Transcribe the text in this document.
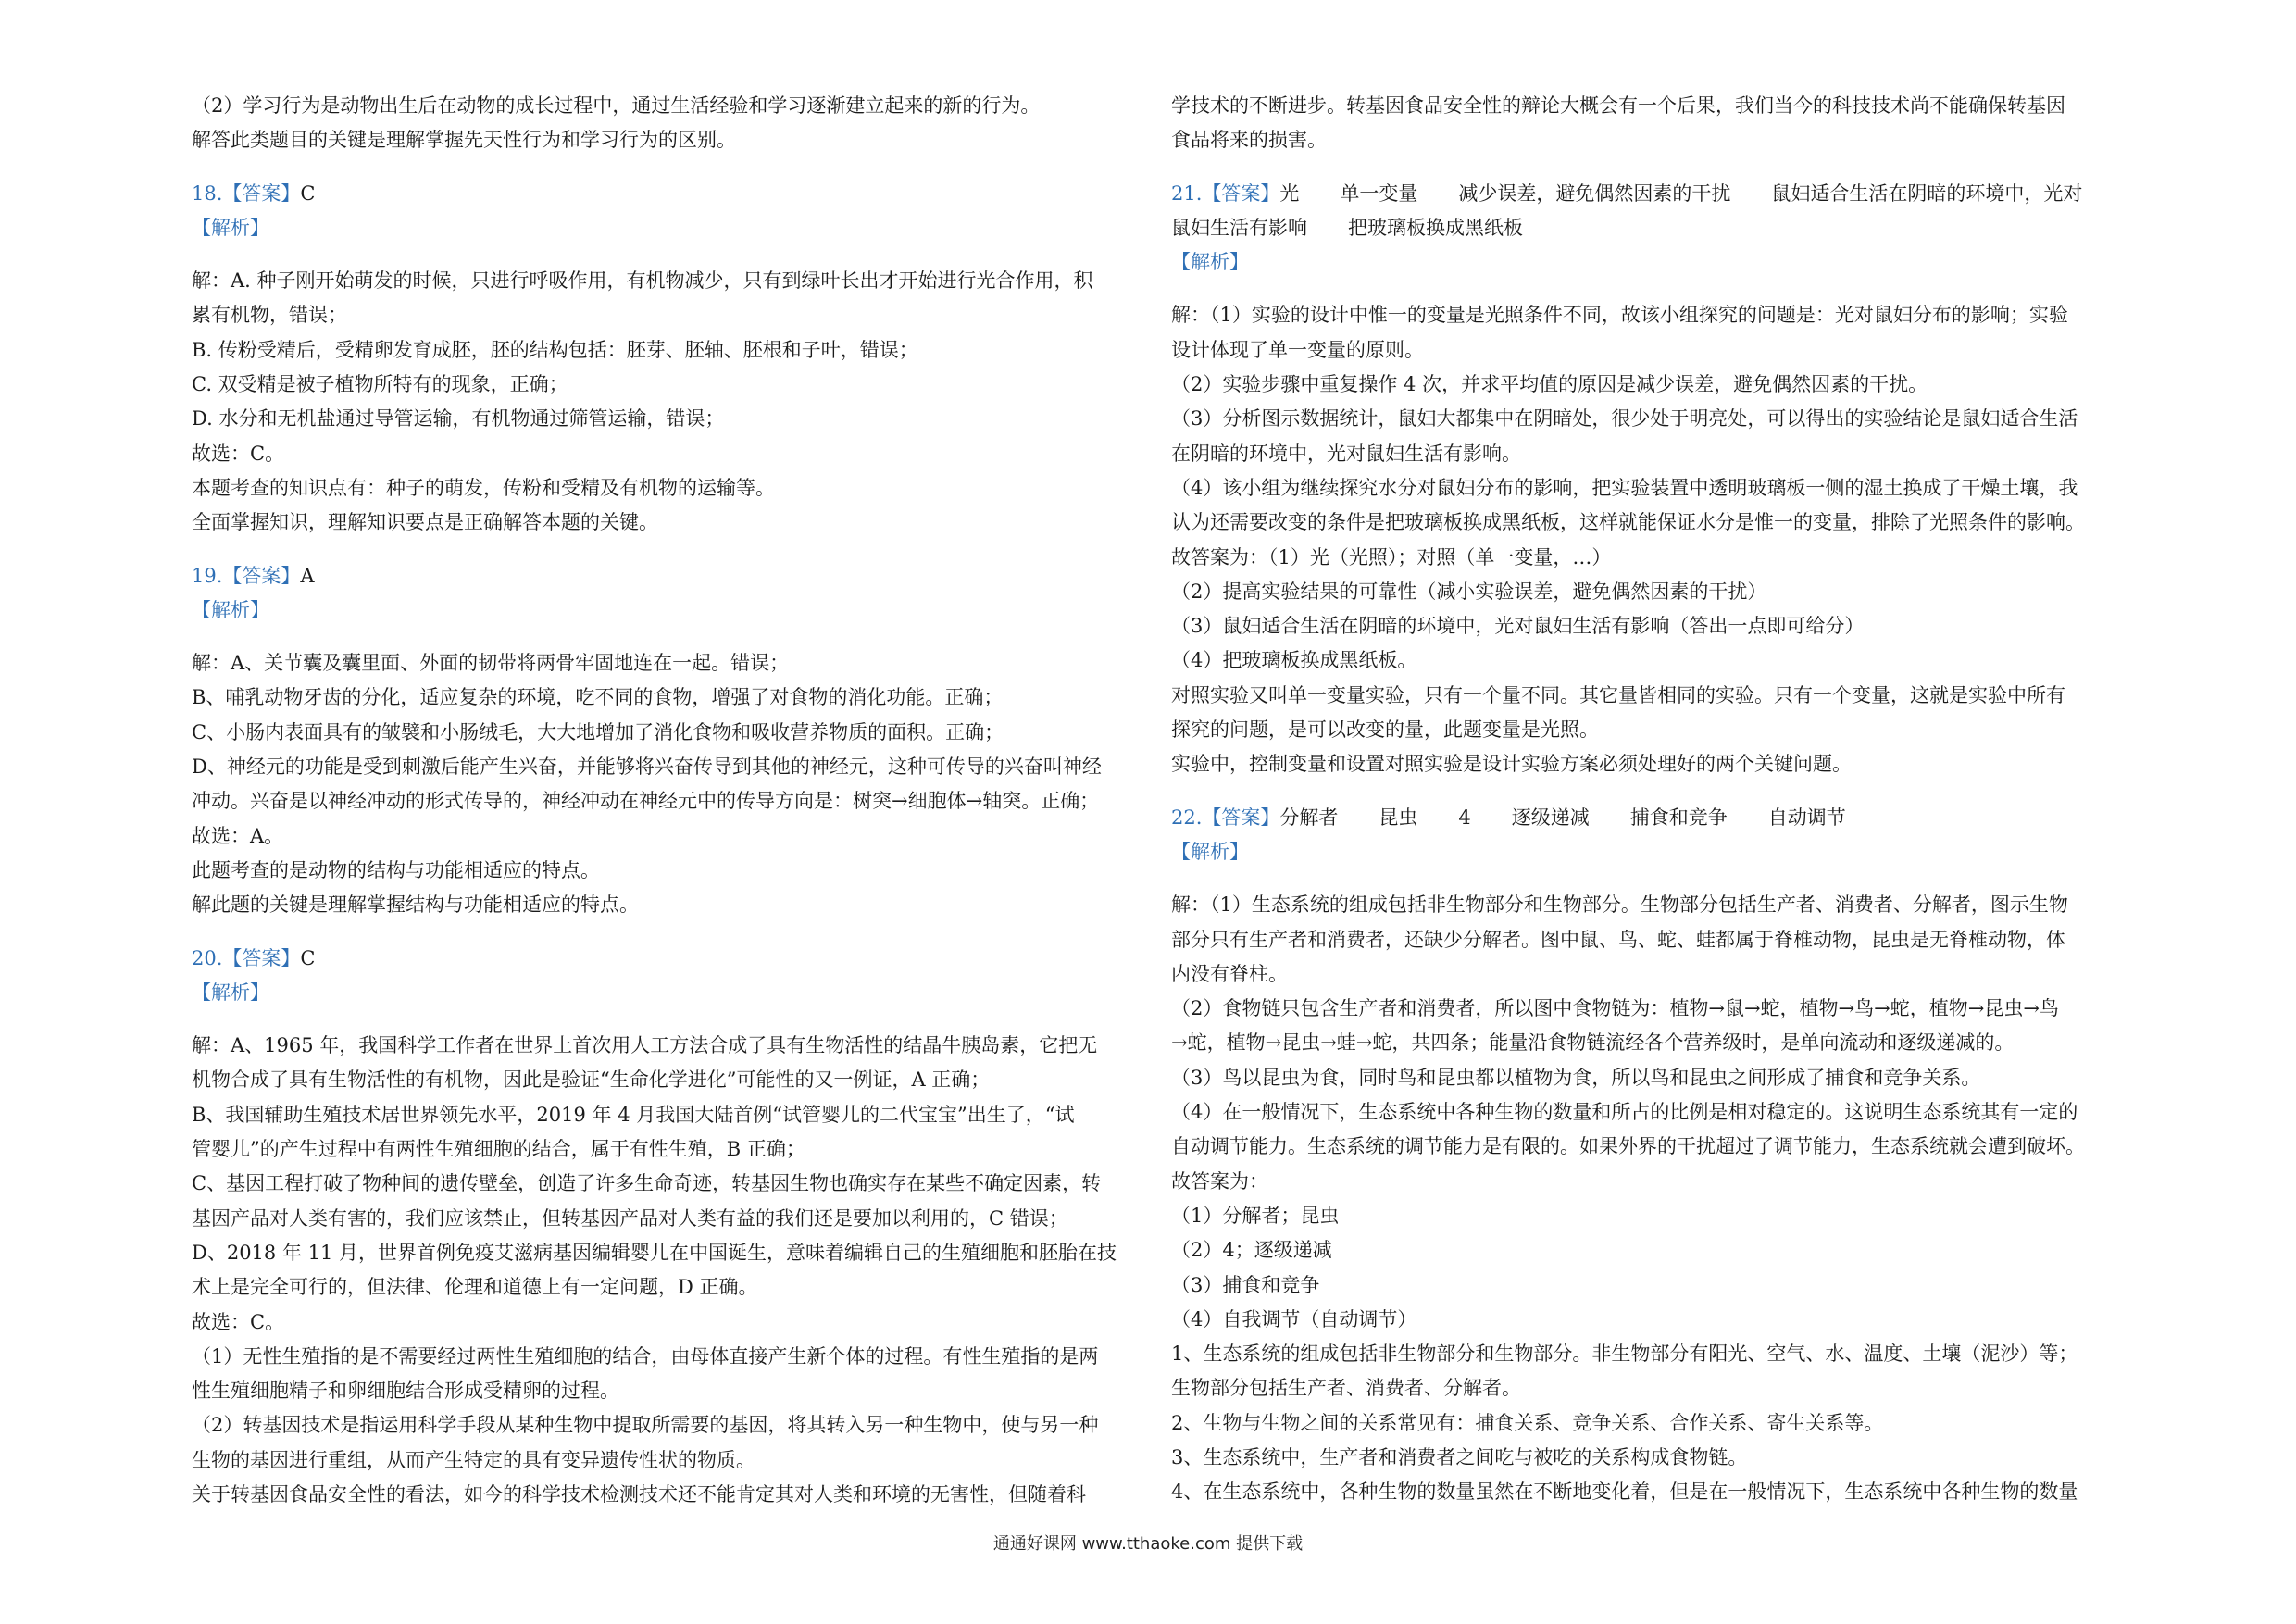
（2）学习行为是动物出生后在动物的成长过程中，通过生活经验和学习逐渐建立起来的新的行为。
解答此类题目的关键是理解掌握先天性行为和学习行为的区别。
18.【答案】C
【解析】
解：A. 种子刚开始萌发的时候，只进行呼吸作用，有机物减少，只有到绿叶长出才开始进行光合作用，积
累有机物，错误；
B. 传粉受精后，受精卵发育成胚，胚的结构包括：胚芽、胚轴、胚根和子叶，错误；
C. 双受精是被子植物所特有的现象，正确；
D. 水分和无机盐通过导管运输，有机物通过筛管运输，错误；
故选：C。
本题考查的知识点有：种子的萌发，传粉和受精及有机物的运输等。
全面掌握知识，理解知识要点是正确解答本题的关键。
19.【答案】A
【解析】
解：A、关节囊及囊里面、外面的韧带将两骨牢固地连在一起。错误；
B、哺乳动物牙齿的分化，适应复杂的环境，吃不同的食物，增强了对食物的消化功能。正确；
C、小肠内表面具有的皱襞和小肠绒毛，大大地增加了消化食物和吸收营养物质的面积。正确；
D、神经元的功能是受到刺激后能产生兴奋，并能够将兴奋传导到其他的神经元，这种可传导的兴奋叫神经
冲动。兴奋是以神经冲动的形式传导的，神经冲动在神经元中的传导方向是：树突→细胞体→轴突。正确；
故选：A。
此题考查的是动物的结构与功能相适应的特点。
解此题的关键是理解掌握结构与功能相适应的特点。
20.【答案】C
【解析】
解：A、1965 年，我国科学工作者在世界上首次用人工方法合成了具有生物活性的结晶牛胰岛素，它把无
机物合成了具有生物活性的有机物，因此是验证“生命化学进化”可能性的又一例证，A 正确；
B、我国辅助生殖技术居世界领先水平，2019 年 4 月我国大陆首例“试管婴儿的二代宝宝”出生了，“试
管婴儿”的产生过程中有两性生殖细胞的结合，属于有性生殖，B 正确；
C、基因工程打破了物种间的遗传壁垒，创造了许多生命奇迹，转基因生物也确实存在某些不确定因素，转
基因产品对人类有害的，我们应该禁止，但转基因产品对人类有益的我们还是要加以利用的，C 错误；
D、2018 年 11 月，世界首例免疫艾滋病基因编辑婴儿在中国诞生，意味着编辑自己的生殖细胞和胚胎在技
术上是完全可行的，但法律、伦理和道德上有一定问题，D 正确。
故选：C。
（1）无性生殖指的是不需要经过两性生殖细胞的结合，由母体直接产生新个体的过程。有性生殖指的是两
性生殖细胞精子和卵细胞结合形成受精卵的过程。
（2）转基因技术是指运用科学手段从某种生物中提取所需要的基因，将其转入另一种生物中，使与另一种
生物的基因进行重组，从而产生特定的具有变异遗传性状的物质。
关于转基因食品安全性的看法，如今的科学技术检测技术还不能肯定其对人类和环境的无害性，但随着科
学技术的不断进步。转基因食品安全性的辩论大概会有一个后果，我们当今的科技技术尚不能确保转基因
食品将来的损害。
21.【答案】光 单一变量 减少误差，避免偶然因素的干扰 鼠妇适合生活在阴暗的环境中，光对
鼠妇生活有影响 把玻璃板换成黑纸板
【解析】
解：（1）实验的设计中惟一的变量是光照条件不同，故该小组探究的问题是：光对鼠妇分布的影响；实验
设计体现了单一变量的原则。
（2）实验步骤中重复操作 4 次，并求平均值的原因是减少误差，避免偶然因素的干扰。
（3）分析图示数据统计，鼠妇大都集中在阴暗处，很少处于明亮处，可以得出的实验结论是鼠妇适合生活
在阴暗的环境中，光对鼠妇生活有影响。
（4）该小组为继续探究水分对鼠妇分布的影响，把实验装置中透明玻璃板一侧的湿土换成了干燥土壤，我
认为还需要改变的条件是把玻璃板换成黑纸板，这样就能保证水分是惟一的变量，排除了光照条件的影响。
故答案为：（1）光（光照）；对照（单一变量，…）
（2）提高实验结果的可靠性（减小实验误差，避免偶然因素的干扰）
（3）鼠妇适合生活在阴暗的环境中，光对鼠妇生活有影响（答出一点即可给分）
（4）把玻璃板换成黑纸板。
对照实验又叫单一变量实验，只有一个量不同。其它量皆相同的实验。只有一个变量，这就是实验中所有
探究的问题，是可以改变的量，此题变量是光照。
实验中，控制变量和设置对照实验是设计实验方案必须处理好的两个关键问题。
22.【答案】分解者 昆虫 4 逐级递减 捕食和竞争 自动调节
【解析】
解：（1）生态系统的组成包括非生物部分和生物部分。生物部分包括生产者、消费者、分解者，图示生物
部分只有生产者和消费者，还缺少分解者。图中鼠、鸟、蛇、蛙都属于脊椎动物，昆虫是无脊椎动物，体
内没有脊柱。
（2）食物链只包含生产者和消费者，所以图中食物链为：植物→鼠→蛇，植物→鸟→蛇，植物→昆虫→鸟
→蛇，植物→昆虫→蛙→蛇，共四条；能量沿食物链流经各个营养级时，是单向流动和逐级递减的。
（3）鸟以昆虫为食，同时鸟和昆虫都以植物为食，所以鸟和昆虫之间形成了捕食和竞争关系。
（4）在一般情况下，生态系统中各种生物的数量和所占的比例是相对稳定的。这说明生态系统其有一定的
自动调节能力。生态系统的调节能力是有限的。如果外界的干扰超过了调节能力，生态系统就会遭到破坏。
故答案为：
（1）分解者；昆虫
（2）4；逐级递减
（3）捕食和竞争
（4）自我调节（自动调节）
1、生态系统的组成包括非生物部分和生物部分。非生物部分有阳光、空气、水、温度、土壤（泥沙）等；
生物部分包括生产者、消费者、分解者。
2、生物与生物之间的关系常见有：捕食关系、竞争关系、合作关系、寄生关系等。
3、生态系统中，生产者和消费者之间吃与被吃的关系构成食物链。
4、在生态系统中，各种生物的数量虽然在不断地变化着，但是在一般情况下，生态系统中各种生物的数量
通通好课网 www.tthaoke.com 提供下载
